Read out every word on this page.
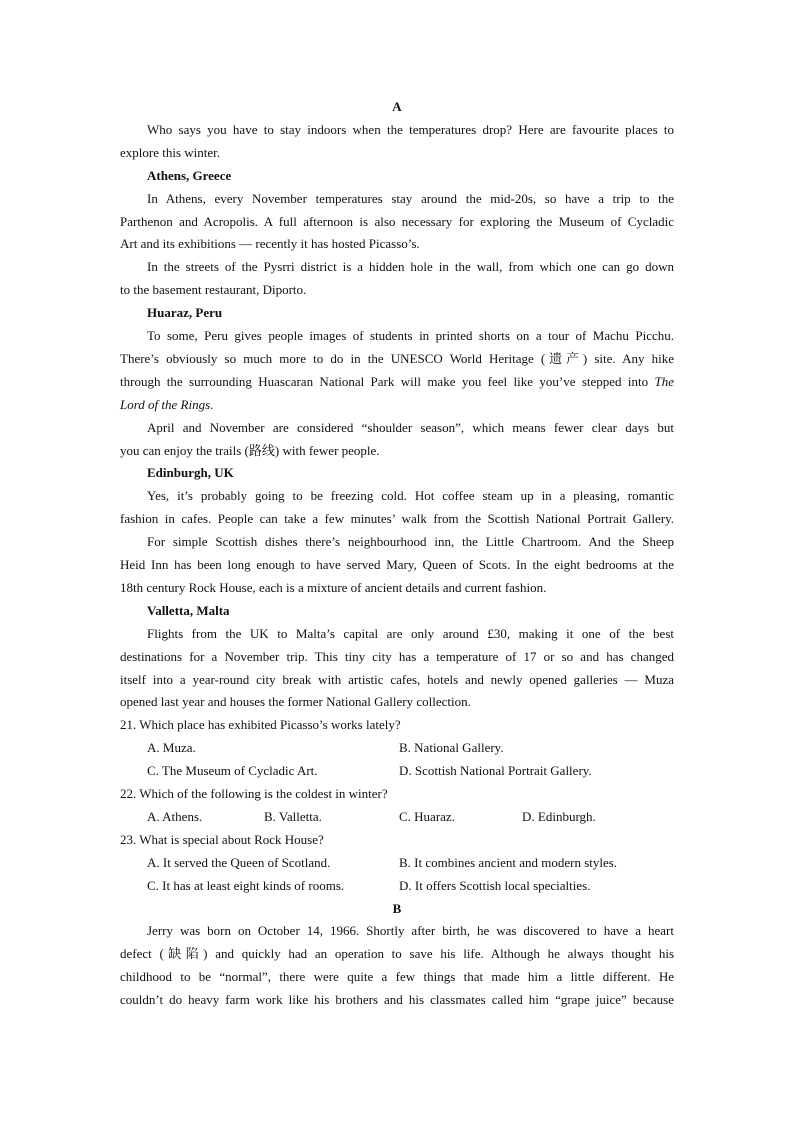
A
Who says you have to stay indoors when the temperatures drop? Here are favourite places to
explore this winter.
Athens, Greece
In Athens, every November temperatures stay around the mid-20s, so have a trip to the
Parthenon and Acropolis. A full afternoon is also necessary for exploring the Museum of Cycladic
Art and its exhibitions — recently it has hosted Picasso’s.
In the streets of the Pysrri district is a hidden hole in the wall, from which one can go down
to the basement restaurant, Diporto.
Huaraz, Peru
To some, Peru gives people images of students in printed shorts on a tour of Machu Picchu.
There’s obviously so much more to do in the UNESCO World Heritage (遗产) site. Any hike
through the surrounding Huascaran National Park will make you feel like you’ve stepped into The
Lord of the Rings.
April and November are considered “shoulder season”, which means fewer clear days but
you can enjoy the trails (路线) with fewer people.
Edinburgh, UK
Yes, it’s probably going to be freezing cold. Hot coffee steam up in a pleasing, romantic
fashion in cafes. People can take a few minutes’ walk from the Scottish National Portrait Gallery.
For simple Scottish dishes there’s neighbourhood inn, the Little Chartroom. And the Sheep
Heid Inn has been long enough to have served Mary, Queen of Scots. In the eight bedrooms at the
18th century Rock House, each is a mixture of ancient details and current fashion.
Valletta, Malta
Flights from the UK to Malta’s capital are only around £30, making it one of the best
destinations for a November trip. This tiny city has a temperature of 17 or so and has changed
itself into a year-round city break with artistic cafes, hotels and newly opened galleries — Muza
opened last year and houses the former National Gallery collection.
21. Which place has exhibited Picasso’s works lately?
A. Muza.	B. National Gallery.
C. The Museum of Cycladic Art.	D. Scottish National Portrait Gallery.
22. Which of the following is the coldest in winter?
A. Athens.	B. Valletta.	C. Huaraz.	D. Edinburgh.
23. What is special about Rock House?
A. It served the Queen of Scotland.	B. It combines ancient and modern styles.
C. It has at least eight kinds of rooms.	D. It offers Scottish local specialties.
B
Jerry was born on October 14, 1966. Shortly after birth, he was discovered to have a heart
defect (缺陷) and quickly had an operation to save his life. Although he always thought his
childhood to be “normal”, there were quite a few things that made him a little different. He
couldn’t do heavy farm work like his brothers and his classmates called him “grape juice” because
